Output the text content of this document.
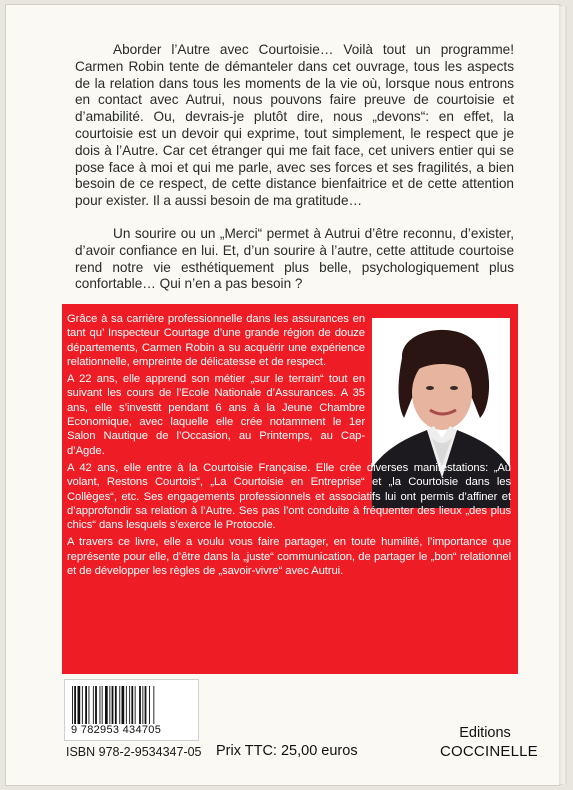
Aborder l’Autre avec Courtoisie… Voilà tout un programme! Carmen Robin tente de démanteler dans cet ouvrage, tous les aspects de la relation dans tous les moments de la vie où, lorsque nous entrons en contact avec Autrui, nous pouvons faire preuve de courtoisie et d’amabilité. Ou, devrais-je plutôt dire, nous „devons“: en effet, la courtoisie est un devoir qui exprime, tout simplement, le respect que je dois à l’Autre. Car cet étranger qui me fait face, cet univers entier qui se pose face à moi et qui me parle, avec ses forces et ses fragilités, a bien besoin de ce respect, de cette distance bienfaitrice et de cette attention pour exister. Il a aussi besoin de ma gratitude…

Un sourire ou un „Merci“ permet à Autrui d’être reconnu, d’exister, d’avoir confiance en lui. Et, d’un sourire à l’autre, cette attitude courtoise rend notre vie esthétiquement plus belle, psychologiquement plus confortable… Qui n’en a pas besoin ?

Grâce à sa carrière professionnelle dans les assurances en tant qu’ Inspecteur Courtage d’une grande région de douze départements, Carmen Robin a su acquérir une expérience relationnelle, empreinte de délicatesse et de respect.

A 22 ans, elle apprend son métier „sur le terrain“ tout en suivant les cours de l’Ecole Nationale d’Assurances. A 35 ans, elle s’investit pendant 6 ans à la Jeune Chambre Economique, avec laquelle elle crée notamment le 1er Salon Nautique de l’Occasion, au Printemps, au Cap- d’Agde.

A 42 ans, elle entre à la Courtoisie Française. Elle crée diverses manifestations: „Au volant, Restons Courtois“, „La Courtoisie en Entreprise“ et „la Courtoisie dans les Collèges“, etc. Ses engagements professionnels et associatifs lui ont permis d’affiner et d’approfondir sa relation à l’Autre. Ses pas l’ont conduite à fréquenter des lieux „des plus chics“ dans lesquels s’exerce le Protocole.

A travers ce livre, elle a voulu vous faire partager, en toute humilité, l’importance que représente pour elle, d’être dans la „juste“ communication, de partager le „bon“ relationnel et de développer les règles de „savoir-vivre“ avec Autrui.

9 782953 434705
ISBN 978-2-9534347-05 Prix TTC: 25,00 euros
Editions
COCCINELLE
